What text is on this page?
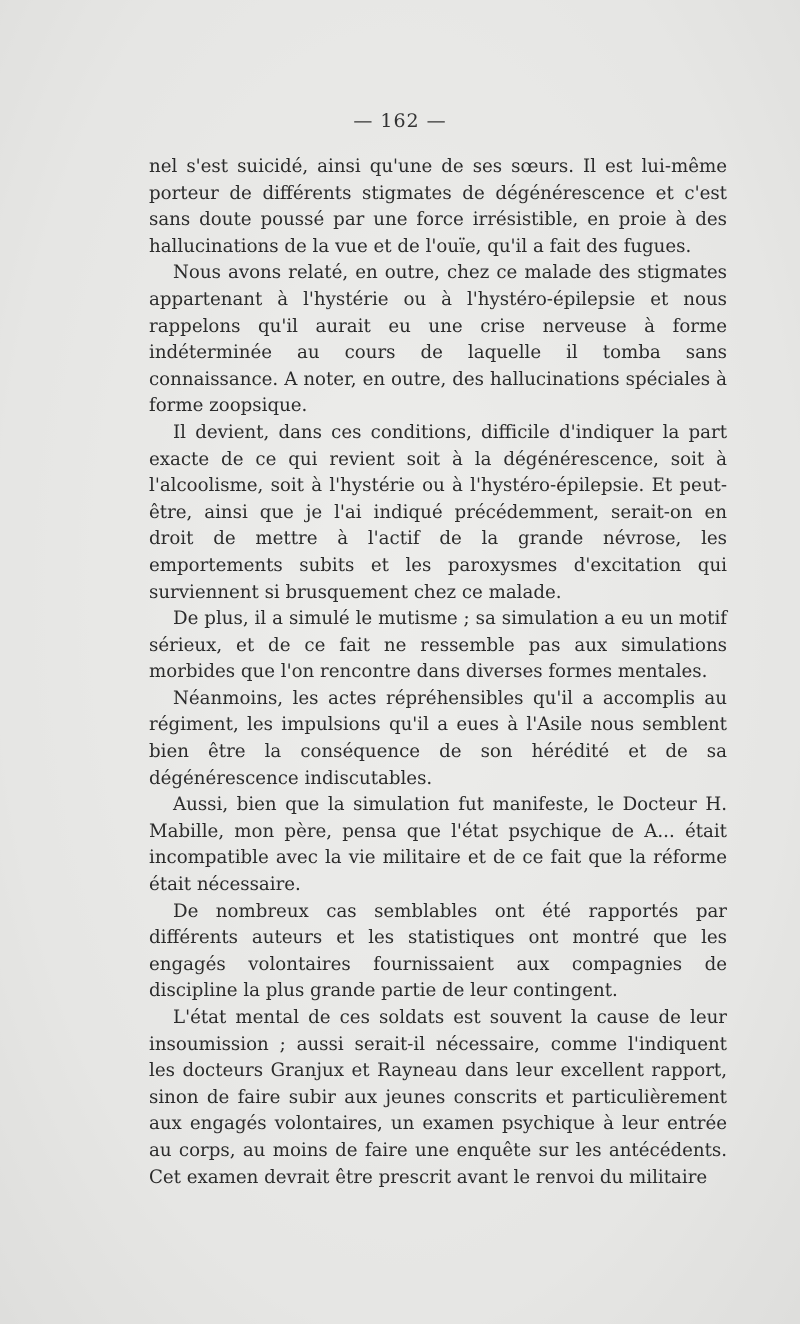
— 162 —

nel s'est suicidé, ainsi qu'une de ses sœurs. Il est lui-même porteur de différents stigmates de dégénérescence et c'est sans doute poussé par une force irrésistible, en proie à des hallucinations de la vue et de l'ouïe, qu'il a fait des fugues.

Nous avons relaté, en outre, chez ce malade des stigmates appartenant à l'hystérie ou à l'hystéro-épilepsie et nous rappelons qu'il aurait eu une crise nerveuse à forme indéterminée au cours de laquelle il tomba sans connaissance. A noter, en outre, des hallucinations spéciales à forme zoopsique.

Il devient, dans ces conditions, difficile d'indiquer la part exacte de ce qui revient soit à la dégénérescence, soit à l'alcoolisme, soit à l'hystérie ou à l'hystéro-épilepsie. Et peut-être, ainsi que je l'ai indiqué précédemment, serait-on en droit de mettre à l'actif de la grande névrose, les emportements subits et les paroxysmes d'excitation qui surviennent si brusquement chez ce malade.

De plus, il a simulé le mutisme ; sa simulation a eu un motif sérieux, et de ce fait ne ressemble pas aux simulations morbides que l'on rencontre dans diverses formes mentales.

Néanmoins, les actes répréhensibles qu'il a accomplis au régiment, les impulsions qu'il a eues à l'Asile nous semblent bien être la conséquence de son hérédité et de sa dégénérescence indiscutables.

Aussi, bien que la simulation fut manifeste, le Docteur H. Mabille, mon père, pensa que l'état psychique de A... était incompatible avec la vie militaire et de ce fait que la réforme était nécessaire.

De nombreux cas semblables ont été rapportés par différents auteurs et les statistiques ont montré que les engagés volontaires fournissaient aux compagnies de discipline la plus grande partie de leur contingent.

L'état mental de ces soldats est souvent la cause de leur insoumission ; aussi serait-il nécessaire, comme l'indiquent les docteurs Granjux et Rayneau dans leur excellent rapport, sinon de faire subir aux jeunes conscrits et particulièrement aux engagés volontaires, un examen psychique à leur entrée au corps, au moins de faire une enquête sur les antécédents. Cet examen devrait être prescrit avant le renvoi du militaire
